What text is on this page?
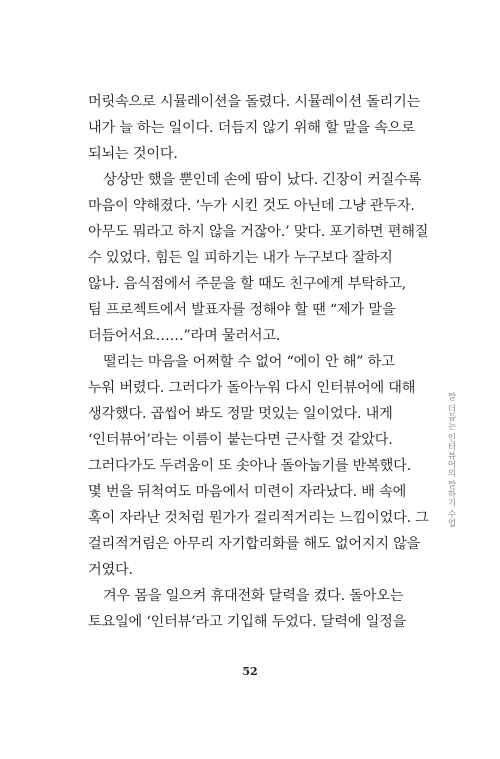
머릿속으로 시뮬레이션을 돌렸다. 시뮬레이션 돌리기는
내가 늘 하는 일이다. 더듬지 않기 위해 할 말을 속으로
되뇌는 것이다.
상상만 했을 뿐인데 손에 땀이 났다. 긴장이 커질수록
마음이 약해졌다. ‘누가 시킨 것도 아닌데 그냥 관두자.
아무도 뭐라고 하지 않을 거잖아.’ 맞다. 포기하면 편해질
수 있었다. 힘든 일 피하기는 내가 누구보다 잘하지
않나. 음식점에서 주문을 할 때도 친구에게 부탁하고,
팀 프로젝트에서 발표자를 정해야 할 땐 “제가 말을
더듬어서요……”라며 물러서고.
떨리는 마음을 어쩌할 수 없어 “에이 안 해” 하고
누워 버렸다. 그러다가 돌아누워 다시 인터뷰어에 대해
생각했다. 곱씹어 봐도 정말 멋있는 일이었다. 내게
‘인터뷰어’라는 이름이 붙는다면 근사할 것 같았다.
그러다가도 두려움이 또 솟아나 돌아눕기를 반복했다.
몇 번을 뒤척여도 마음에서 미련이 자라났다. 배 속에
혹이 자라난 것처럼 뭔가가 걸리적거리는 느낌이었다. 그
걸리적거림은 아무리 자기합리화를 해도 없어지지 않을
거였다.
겨우 몸을 일으켜 휴대전화 달력을 켰다. 돌아오는
토요일에 ‘인터뷰’라고 기입해 두었다. 달력에 일정을
말 더듬는 인터뷰어의 말하기 수업
52
